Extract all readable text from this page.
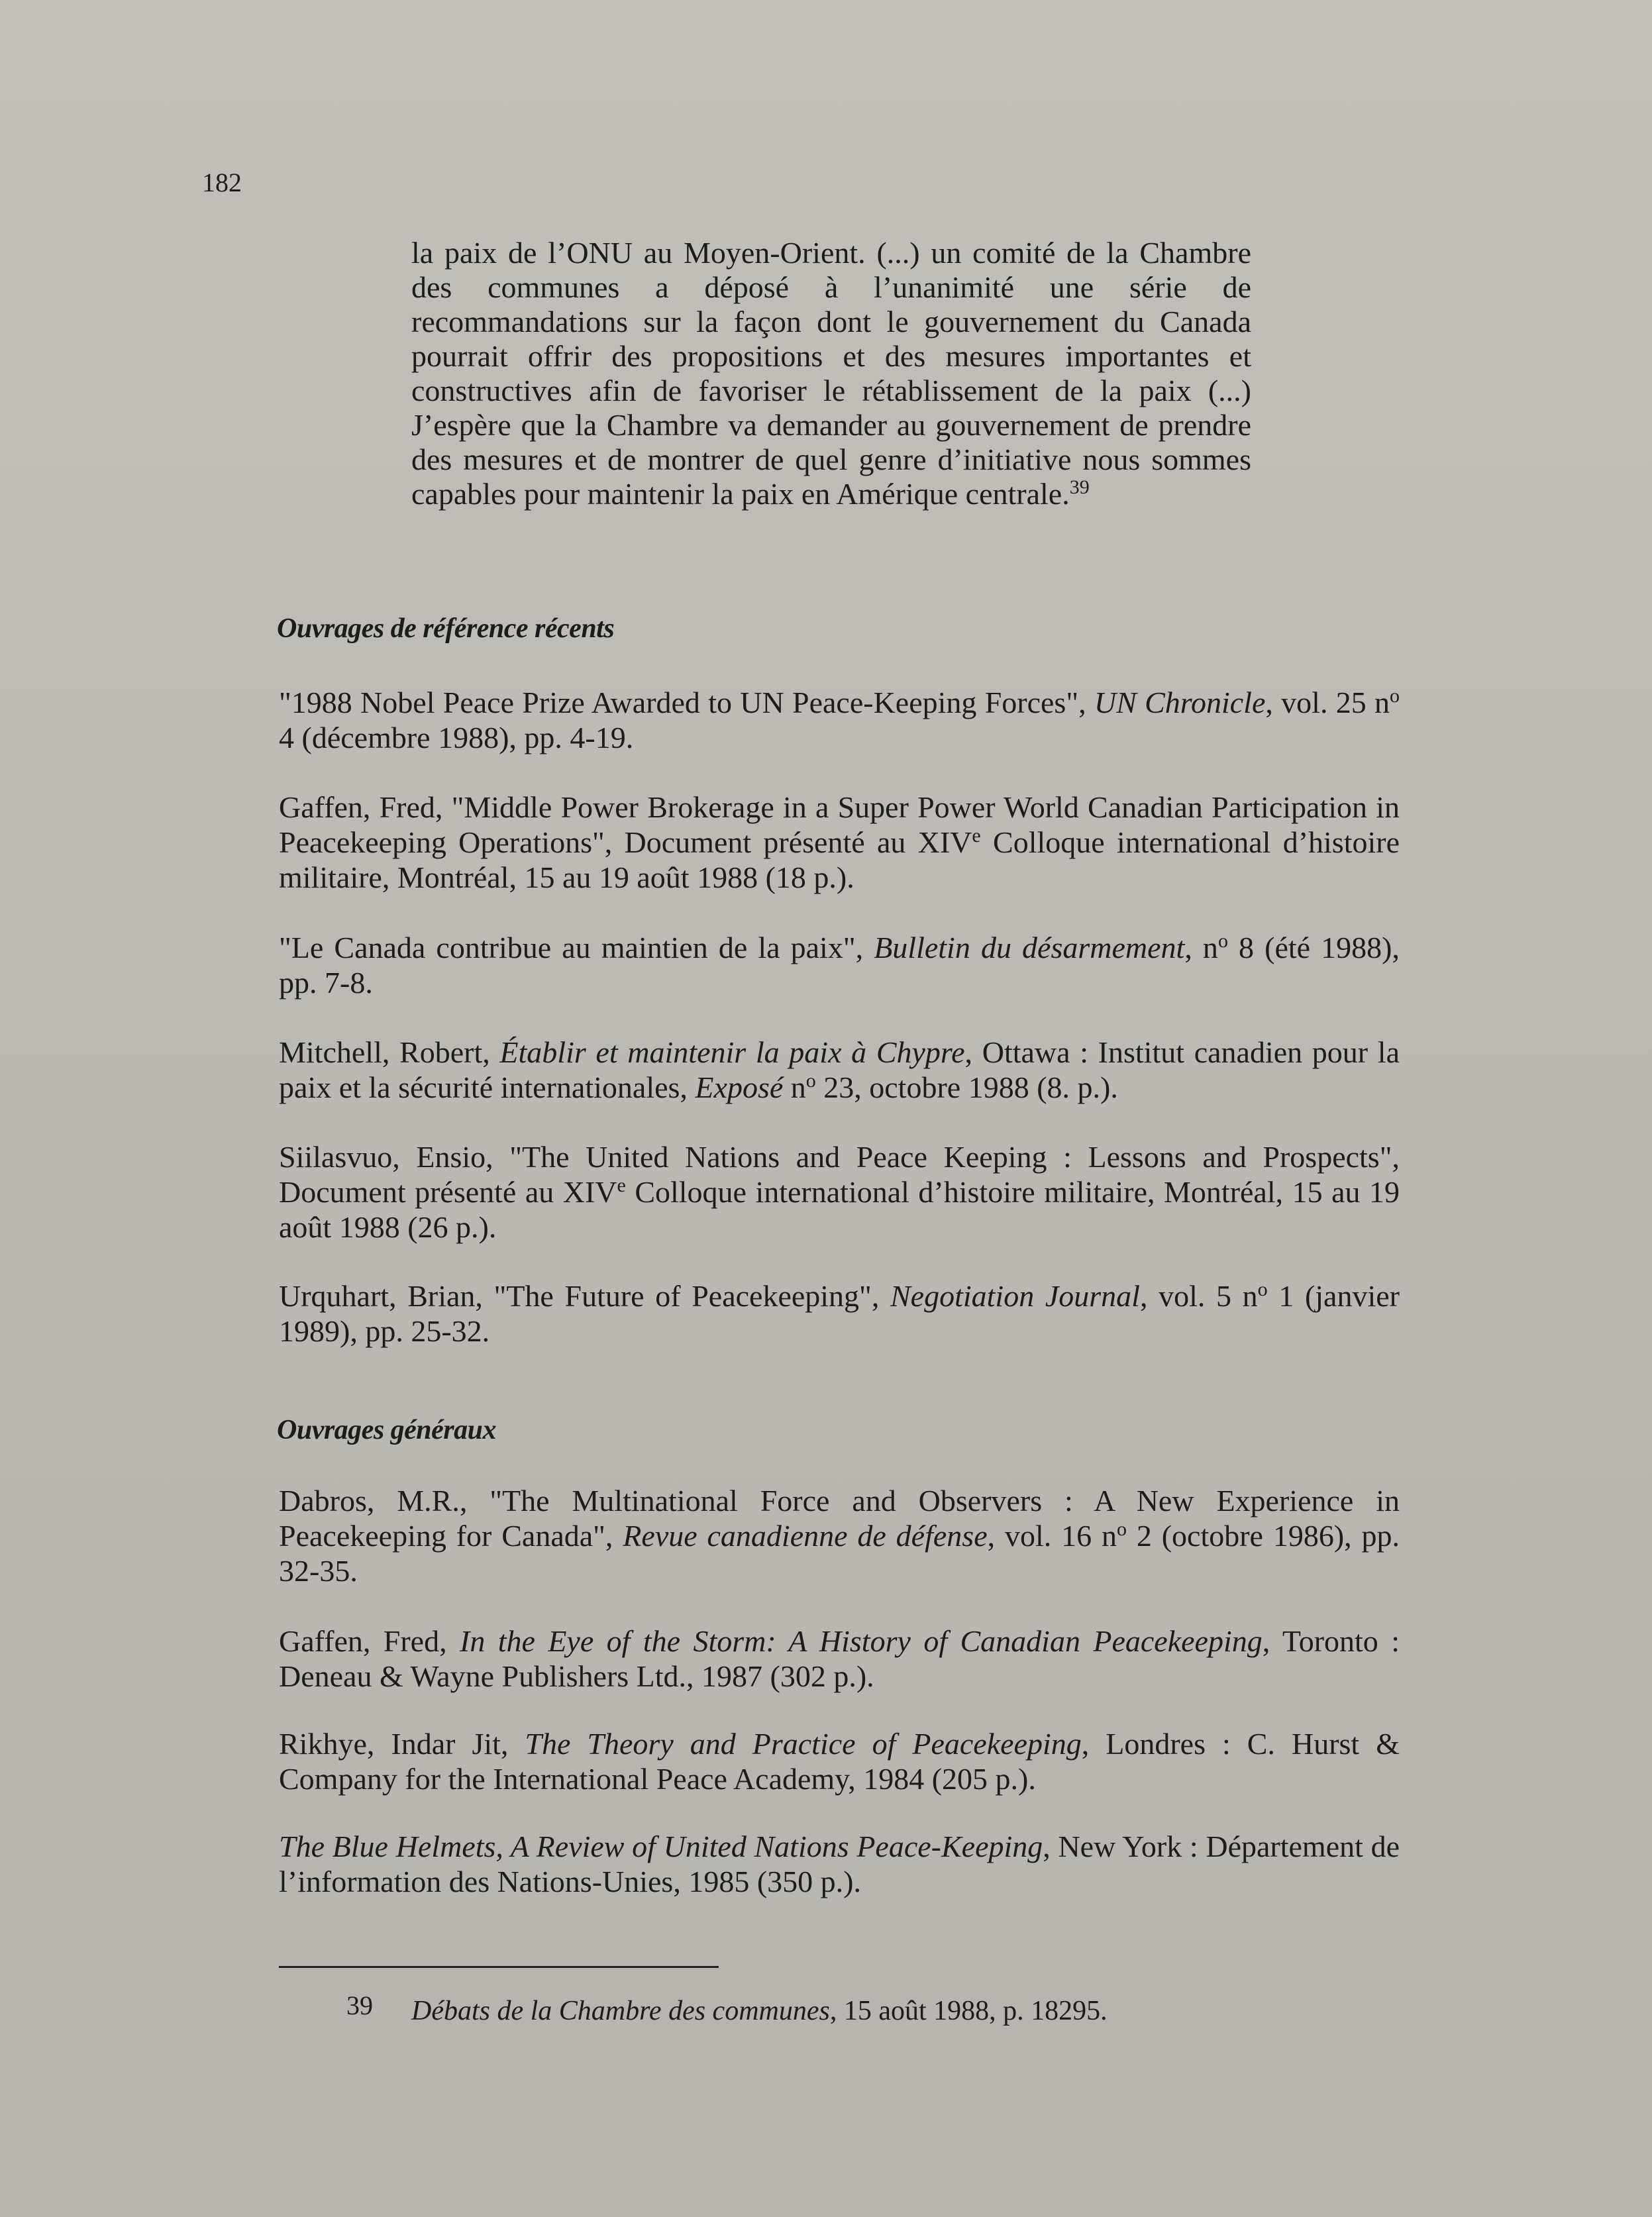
182
la paix de l’ONU au Moyen-Orient. (...) un comité de la Chambre des communes a déposé à l’unanimité une série de recommandations sur la façon dont le gouvernement du Canada pourrait offrir des propositions et des mesures importantes et constructives afin de favoriser le rétablissement de la paix (...) J’espère que la Chambre va demander au gouvernement de prendre des mesures et de montrer de quel genre d’initiative nous sommes capables pour maintenir la paix en Amérique centrale.$^{39}$
Ouvrages de référence récents
"1988 Nobel Peace Prize Awarded to UN Peace-Keeping Forces", UN Chronicle, vol. 25 $n^o$ 4 (décembre 1988), pp. 4-19.
Gaffen, Fred, "Middle Power Brokerage in a Super Power World Canadian Participation in Peacekeeping Operations", Document présenté au XIVe Colloque international d’histoire militaire, Montréal, 15 au 19 août 1988 (18 p.).
"Le Canada contribue au maintien de la paix", Bulletin du désarmement, $n^o$ 8 (été 1988), pp. 7-8.
Mitchell, Robert, Établir et maintenir la paix à Chypre, Ottawa : Institut canadien pour la paix et la sécurité internationales, Exposé $n^o$ 23, octobre 1988 (8. p.).
Siilasvuo, Ensio, "The United Nations and Peace Keeping : Lessons and Prospects", Document présenté au XIVe Colloque international d’histoire militaire, Montréal, 15 au 19 août 1988 (26 p.).
Urquhart, Brian, "The Future of Peacekeeping", Negotiation Journal, vol. 5 $n^o$ 1 (janvier 1989), pp. 25-32.
Ouvrages généraux
Dabros, M.R., "The Multinational Force and Observers : A New Experience in Peacekeeping for Canada", Revue canadienne de défense, vol. 16 $n^o$ 2 (octobre 1986), pp. 32-35.
Gaffen, Fred, In the Eye of the Storm: A History of Canadian Peacekeeping, Toronto : Deneau & Wayne Publishers Ltd., 1987 (302 p.).
Rikhye, Indar Jit, The Theory and Practice of Peacekeeping, Londres : C. Hurst & Company for the International Peace Academy, 1984 (205 p.).
The Blue Helmets, A Review of United Nations Peace-Keeping, New York : Département de l’information des Nations-Unies, 1985 (350 p.).
39 Débats de la Chambre des communes, 15 août 1988, p. 18295.
